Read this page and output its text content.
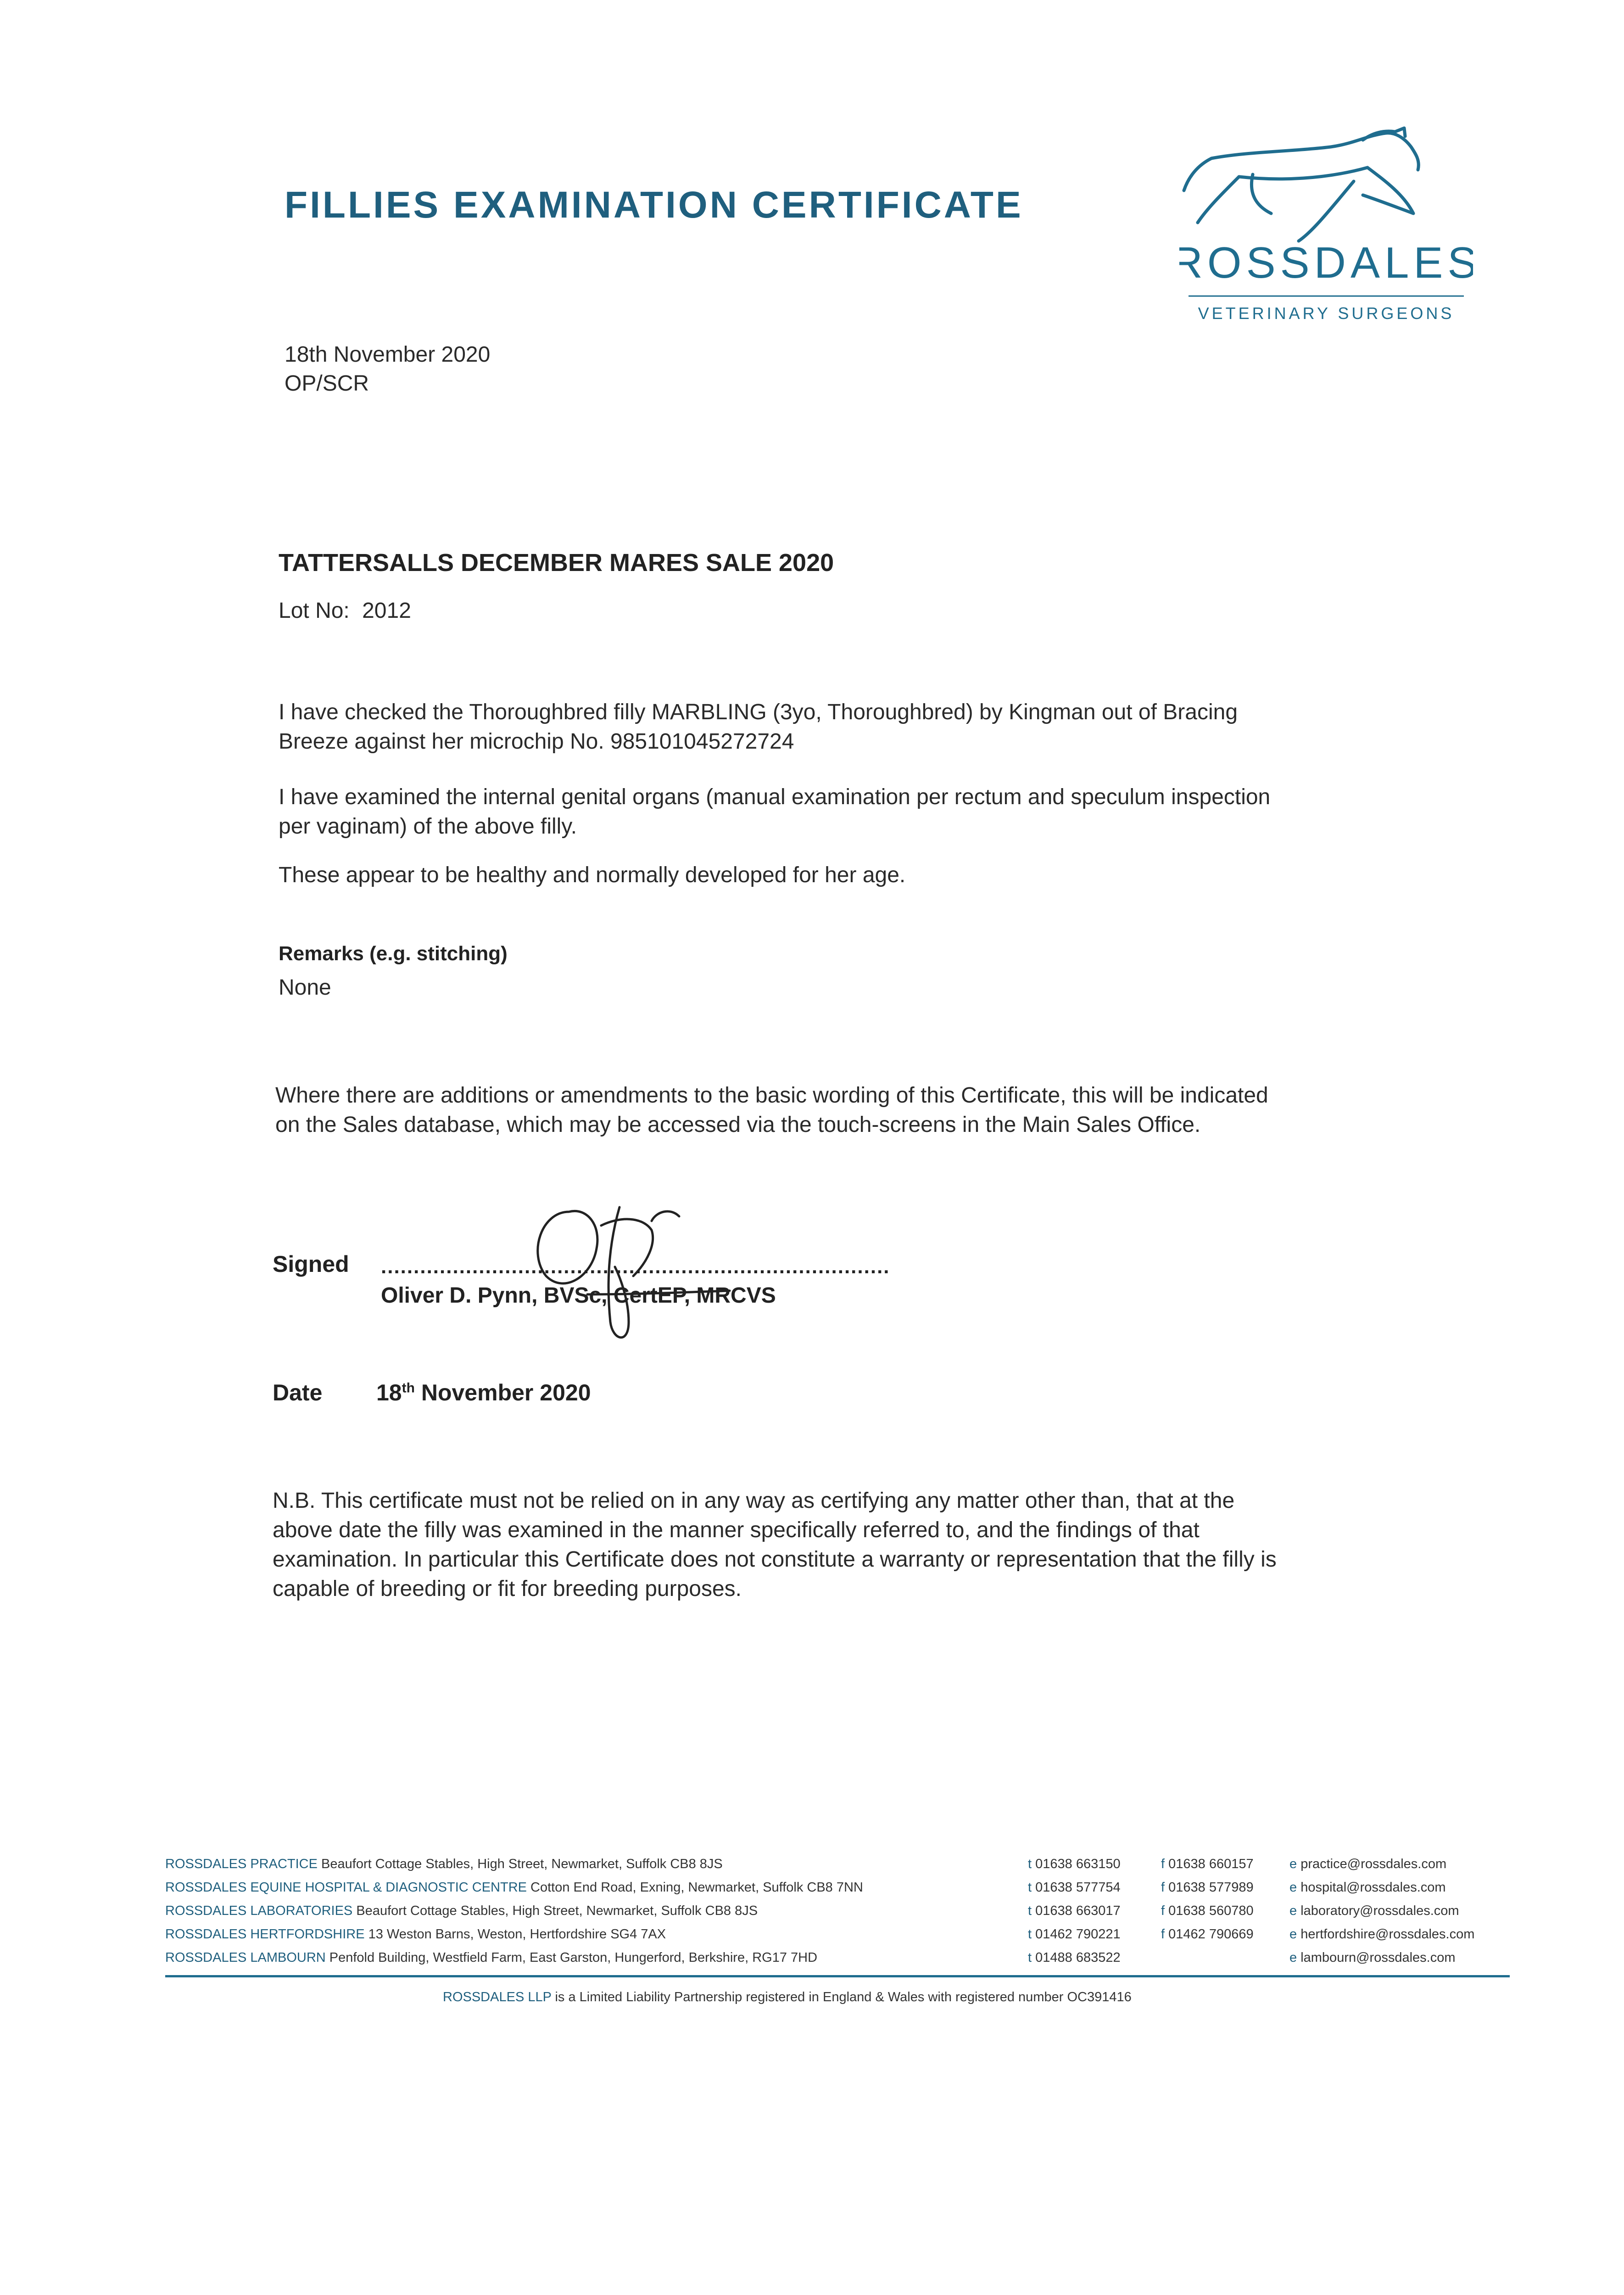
FILLIES EXAMINATION CERTIFICATE
ROSSDALES
VETERINARY SURGEONS
18th November 2020
OP/SCR
TATTERSALLS DECEMBER MARES SALE 2020
Lot No: 2012
I have checked the Thoroughbred filly MARBLING (3yo, Thoroughbred) by Kingman out of Bracing
Breeze against her microchip No. 985101045272724
I have examined the internal genital organs (manual examination per rectum and speculum inspection
per vaginam) of the above filly.
These appear to be healthy and normally developed for her age.
Remarks (e.g. stitching)
None
Where there are additions or amendments to the basic wording of this Certificate, this will be indicated
on the Sales database, which may be accessed via the touch-screens in the Main Sales Office.
Signed ..............................................................................
Oliver D. Pynn, BVSc, CertEP, MRCVS
Date 18th November 2020
N.B. This certificate must not be relied on in any way as certifying any matter other than, that at the
above date the filly was examined in the manner specifically referred to, and the findings of that
examination. In particular this Certificate does not constitute a warranty or representation that the filly is
capable of breeding or fit for breeding purposes.
ROSSDALES PRACTICE Beaufort Cottage Stables, High Street, Newmarket, Suffolk CB8 8JS	t 01638 663150	f 01638 660157	e practice@rossdales.com
ROSSDALES EQUINE HOSPITAL & DIAGNOSTIC CENTRE Cotton End Road, Exning, Newmarket, Suffolk CB8 7NN	t 01638 577754	f 01638 577989	e hospital@rossdales.com
ROSSDALES LABORATORIES Beaufort Cottage Stables, High Street, Newmarket, Suffolk CB8 8JS	t 01638 663017	f 01638 560780	e laboratory@rossdales.com
ROSSDALES HERTFORDSHIRE 13 Weston Barns, Weston, Hertfordshire SG4 7AX	t 01462 790221	f 01462 790669	e hertfordshire@rossdales.com
ROSSDALES LAMBOURN Penfold Building, Westfield Farm, East Garston, Hungerford, Berkshire, RG17 7HD	t 01488 683522	e lambourn@rossdales.com
ROSSDALES LLP is a Limited Liability Partnership registered in England & Wales with registered number OC391416
